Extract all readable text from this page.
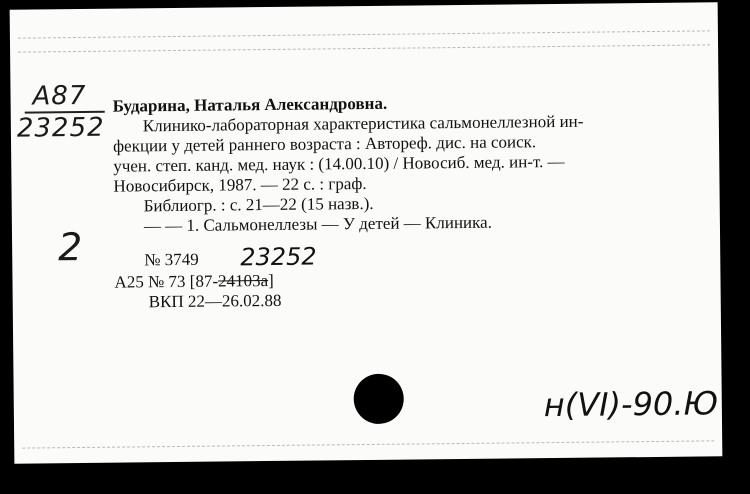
А87
23252
2

Бударина, Наталья Александровна.

Клинико-лабораторная характеристика сальмонеллезной ин-

фекции у детей раннего возраста : Автореф. дис. на соиск.

учен. степ. канд. мед. наук : (14.00.10) / Новосиб. мед. ин-т. —

Новосибирск, 1987. — 22 с. : граф.

Библиогр. : с. 21—22 (15 назв.).

— — 1. Сальмонеллезы — У детей — Клиника.

№ 3749 23252
А25 № 73 [87-24103а]
ВКП 22—26.02.88
н(VI)-90.Ю
